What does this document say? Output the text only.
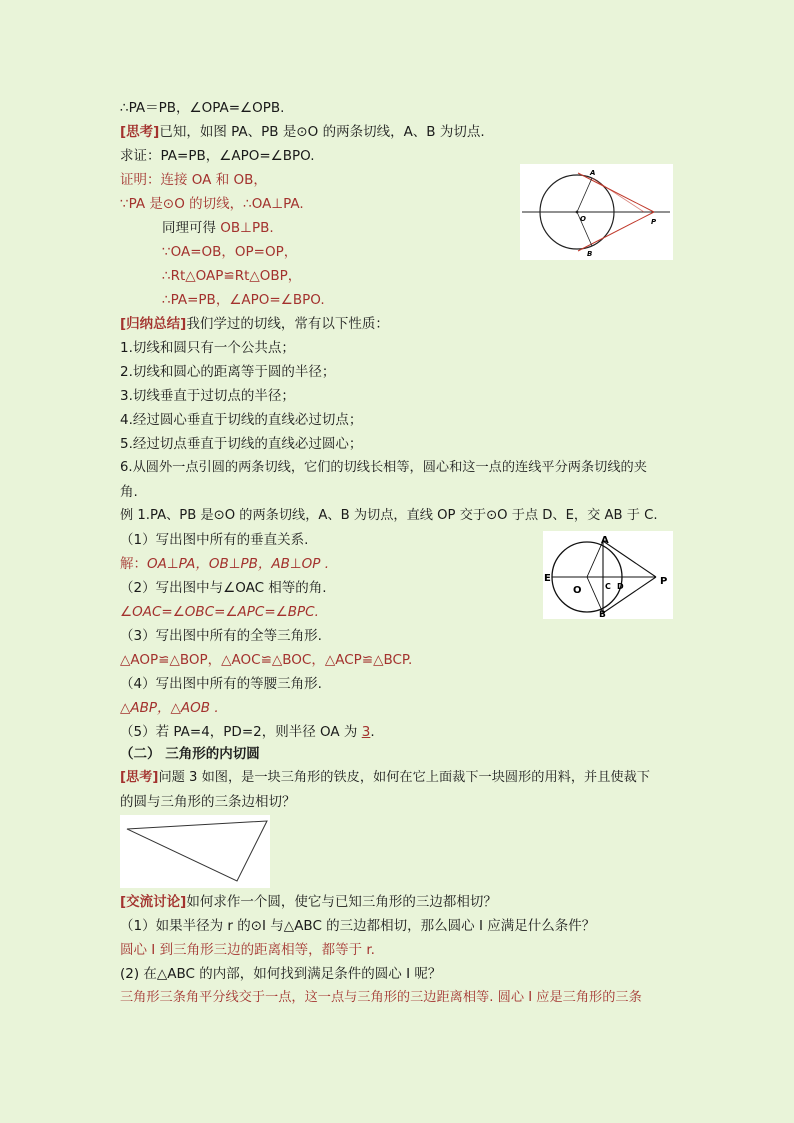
∴PA＝PB，∠OPA=∠OPB.
[思考]已知，如图 PA、PB 是⊙O 的两条切线，A、B 为切点.
求证：PA=PB，∠APO=∠BPO.
证明：连接 OA 和 OB，
∵PA 是⊙O 的切线，∴OA⊥PA.
同理可得 OB⊥PB.
∵OA=OB，OP=OP，
∴Rt△OAP≌Rt△OBP，
∴PA=PB，∠APO=∠BPO.
[归纳总结]我们学过的切线，常有以下性质：
1.切线和圆只有一个公共点；
2.切线和圆心的距离等于圆的半径；
3.切线垂直于过切点的半径；
4.经过圆心垂直于切线的直线必过切点；
5.经过切点垂直于切线的直线必过圆心；
6.从圆外一点引圆的两条切线，它们的切线长相等，圆心和这一点的连线平分两条切线的夹
角.
例 1.PA、PB 是⊙O 的两条切线，A、B 为切点，直线 OP 交于⊙O 于点 D、E，交 AB 于 C.
（1）写出图中所有的垂直关系.
解：OA⊥PA，OB⊥PB，AB⊥OP .
（2）写出图中与∠OAC 相等的角.
∠OAC=∠OBC=∠APC=∠BPC.
（3）写出图中所有的全等三角形.
△AOP≌△BOP，△AOC≌△BOC，△ACP≌△BCP.
（4）写出图中所有的等腰三角形.
△ABP，△AOB .
（5）若 PA=4，PD=2，则半径 OA 为 3.
（二） 三角形的内切圆
[思考]问题 3 如图，是一块三角形的铁皮，如何在它上面裁下一块圆形的用料，并且使裁下
的圆与三角形的三条边相切？
[交流讨论]如何求作一个圆，使它与已知三角形的三边都相切？
（1）如果半径为 r 的⊙I 与△ABC 的三边都相切，那么圆心 I 应满足什么条件？
圆心 I 到三角形三边的距离相等，都等于 r.
(2) 在△ABC 的内部，如何找到满足条件的圆心 I 呢？
三角形三条角平分线交于一点，这一点与三角形的三边距离相等. 圆心 I 应是三角形的三条
A
O	P
B
A
E
O	C D	P
B
